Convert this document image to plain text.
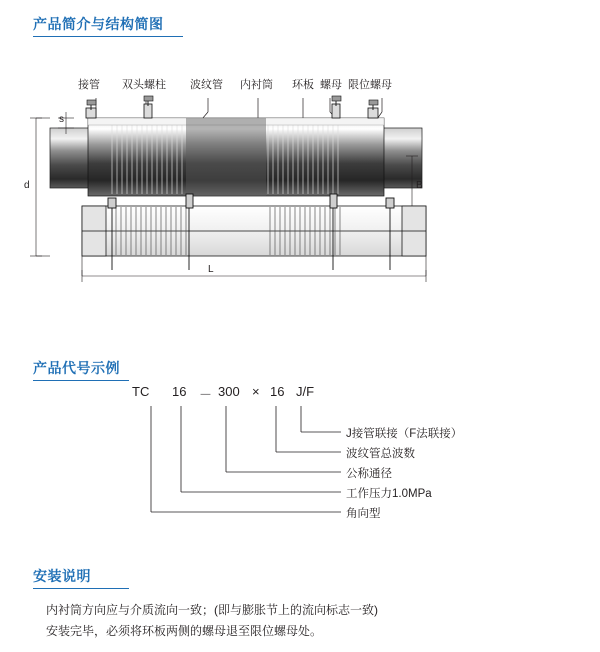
产品简介与结构简图
接管 双头螺柱 波纹管 内衬筒 环板 螺母 限位螺母
s
d	B
L
产品代号示例
TC 16 － 300 × 16 J/F
J接管联接（F法联接）
波纹管总波数
公称通径
工作压力1.0MPa
角向型
安装说明
内衬筒方向应与介质流向一致；(即与膨胀节上的流向标志一致)
安装完毕，必须将环板两侧的螺母退至限位螺母处。
